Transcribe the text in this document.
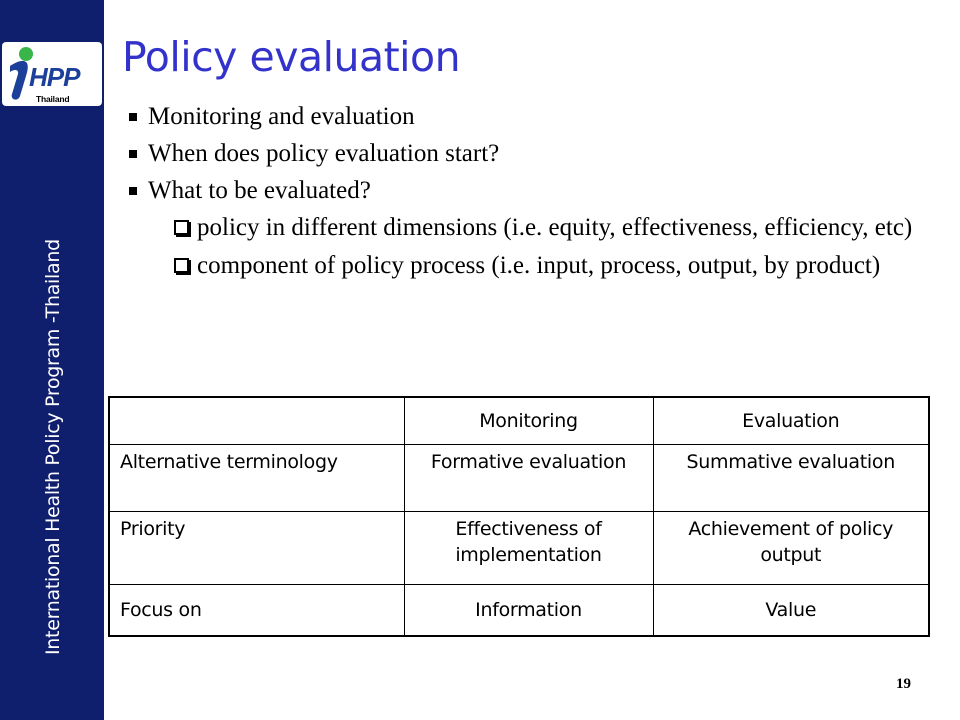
HPP
Thailand
International Health Policy Program -Thailand
Policy evaluation
Monitoring and evaluation
When does policy evaluation start?
What to be evaluated?
policy in different dimensions (i.e. equity, effectiveness, efficiency, etc)
component of policy process (i.e. input, process, output, by product)
	Monitoring	Evaluation
Alternative terminology	Formative evaluation	Summative evaluation
Priority	Effectiveness of implementation	Achievement of policy output
Focus on	Information	Value
19
